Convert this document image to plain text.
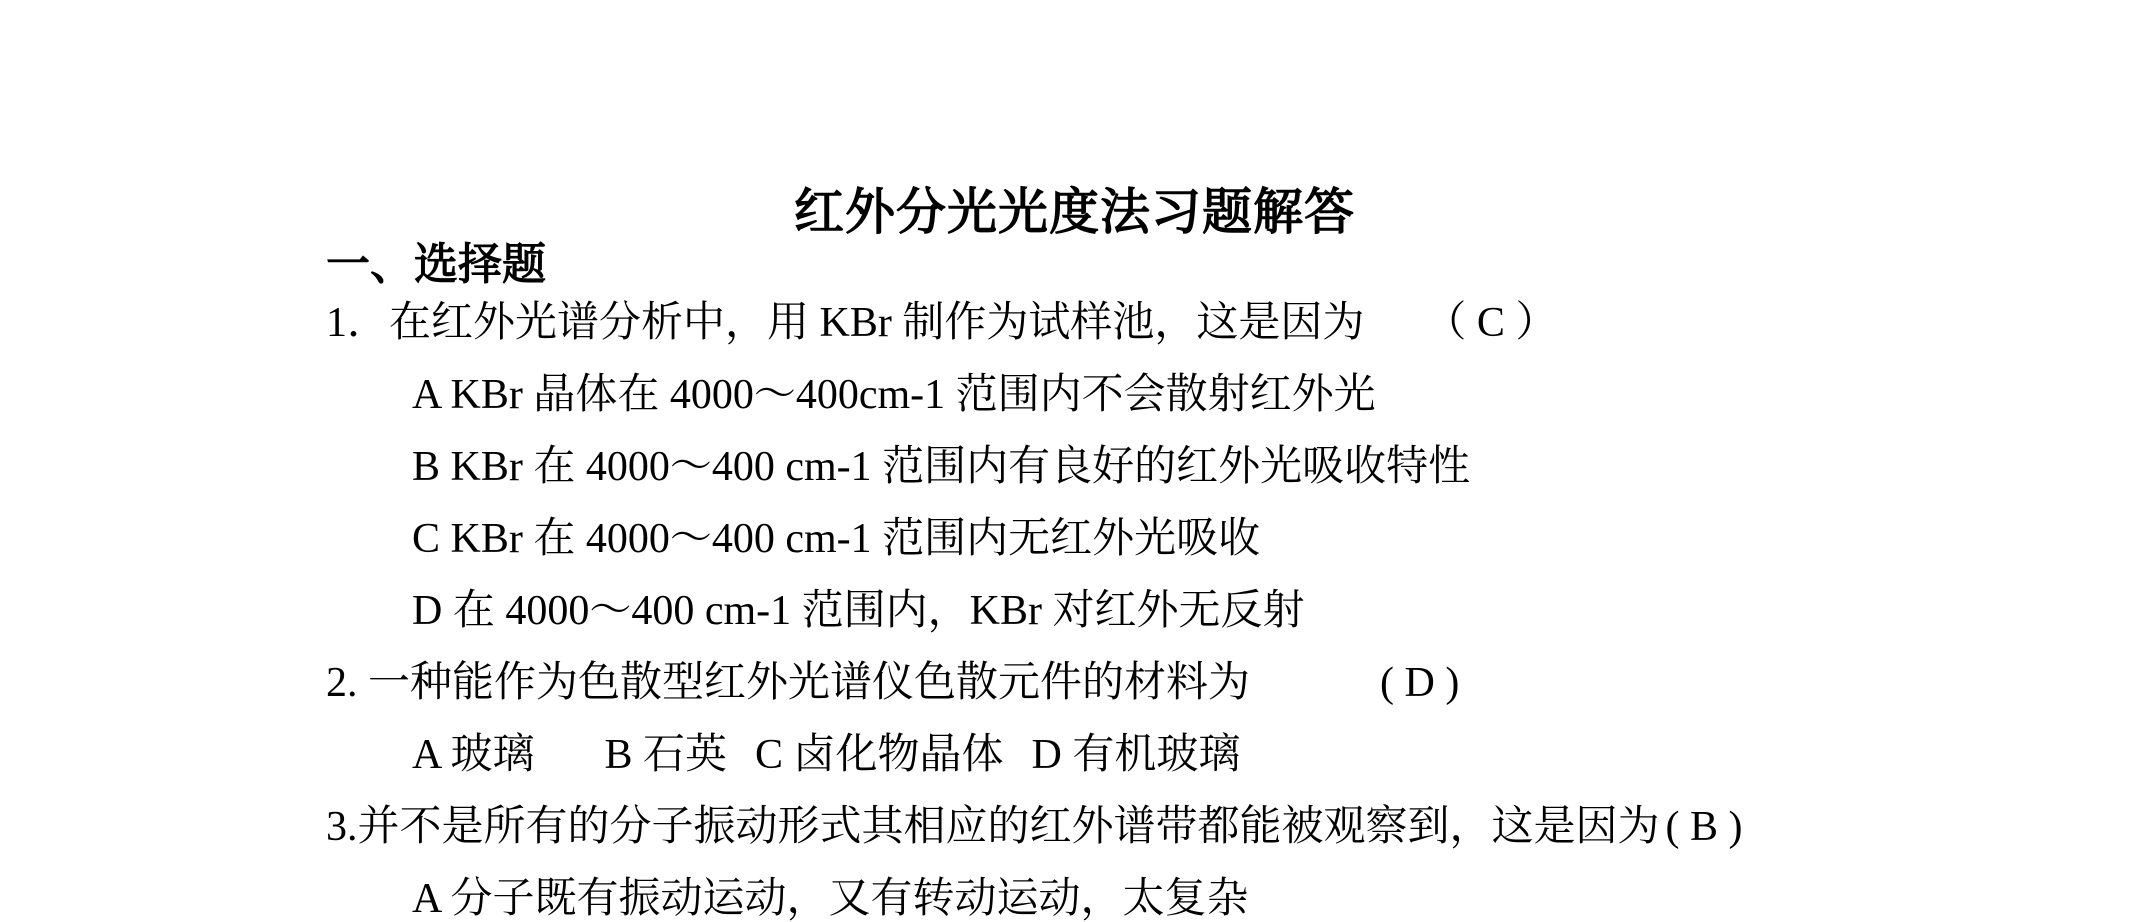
红外分光光度法习题解答
一、选择题
1．在红外光谱分析中，用 KBr 制作为试样池，这是因为 （ C ）
A KBr 晶体在 4000～400cm-1 范围内不会散射红外光
B KBr 在 4000～400 cm-1 范围内有良好的红外光吸收特性
C KBr 在 4000～400 cm-1 范围内无红外光吸收
D 在 4000～400 cm-1 范围内，KBr 对红外无反射
2. 一种能作为色散型红外光谱仪色散元件的材料为	( D )
A 玻璃 B 石英 C 卤化物晶体 D 有机玻璃
3.并不是所有的分子振动形式其相应的红外谱带都能被观察到，这是因为 ( B )
A 分子既有振动运动，又有转动运动，太复杂
